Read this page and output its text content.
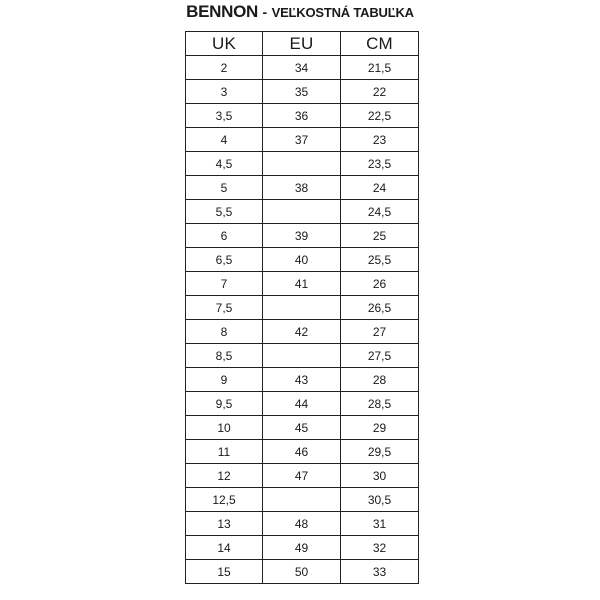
BENNON - VEĽKOSTNÁ TABUĽKA
UK	EU	CM
2	34	21,5
3	35	22
3,5	36	22,5
4	37	23
4,5		23,5
5	38	24
5,5		24,5
6	39	25
6,5	40	25,5
7	41	26
7,5		26,5
8	42	27
8,5		27,5
9	43	28
9,5	44	28,5
10	45	29
11	46	29,5
12	47	30
12,5		30,5
13	48	31
14	49	32
15	50	33
